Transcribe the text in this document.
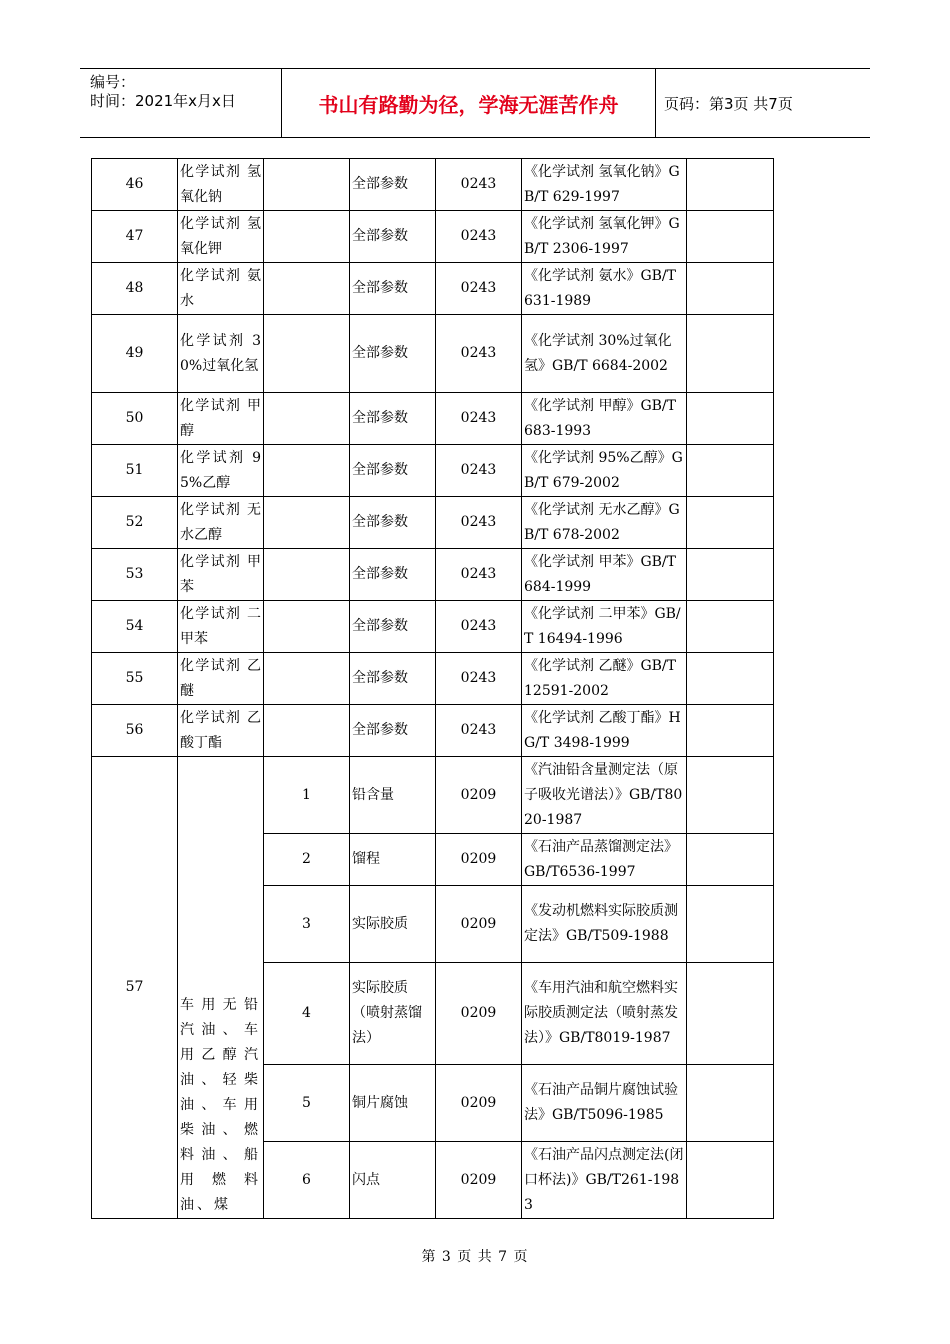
编号：
时间：2021年x月x日	书山有路勤为径，学海无涯苦作舟	页码：第3页 共7页
46	化学试剂 氢氧化钠		全部参数	0243	《化学试剂 氢氧化钠》GB/T 629-1997	
47	化学试剂 氢氧化钾		全部参数	0243	《化学试剂 氢氧化钾》GB/T 2306-1997	
48	化学试剂 氨水		全部参数	0243	《化学试剂 氨水》GB/T631-1989	
49	化学试剂 30%过氧化氢		全部参数	0243	《化学试剂 30%过氧化氢》GB/T 6684-2002	
50	化学试剂 甲醇		全部参数	0243	《化学试剂 甲醇》GB/T683-1993	
51	化学试剂 95%乙醇		全部参数	0243	《化学试剂 95%乙醇》GB/T 679-2002	
52	化学试剂 无水乙醇		全部参数	0243	《化学试剂 无水乙醇》GB/T 678-2002	
53	化学试剂 甲苯		全部参数	0243	《化学试剂 甲苯》GB/T 684-1999	
54	化学试剂 二甲苯		全部参数	0243	《化学试剂 二甲苯》GB/T 16494-1996	
55	化学试剂 乙醚		全部参数	0243	《化学试剂 乙醚》GB/T 12591-2002	
56	化学试剂 乙酸丁酯		全部参数	0243	《化学试剂 乙酸丁酯》HG/T 3498-1999	
57	车用无铅汽油、车用乙醇汽油、轻柴油、车用柴油、燃料油、船用燃料油、煤	1	铅含量	0209	《汽油铅含量测定法（原子吸收光谱法）》GB/T8020-1987	
		2	馏程	0209	《石油产品蒸馏测定法》GB/T6536-1997	
		3	实际胶质	0209	《发动机燃料实际胶质测定法》GB/T509-1988	
		4	实际胶质（喷射蒸馏法）	0209	《车用汽油和航空燃料实际胶质测定法（喷射蒸发法）》GB/T8019-1987	
		5	铜片腐蚀	0209	《石油产品铜片腐蚀试验法》GB/T5096-1985	
		6	闪点	0209	《石油产品闪点测定法(闭口杯法)》GB/T261-1983	
第 3 页 共 7 页
